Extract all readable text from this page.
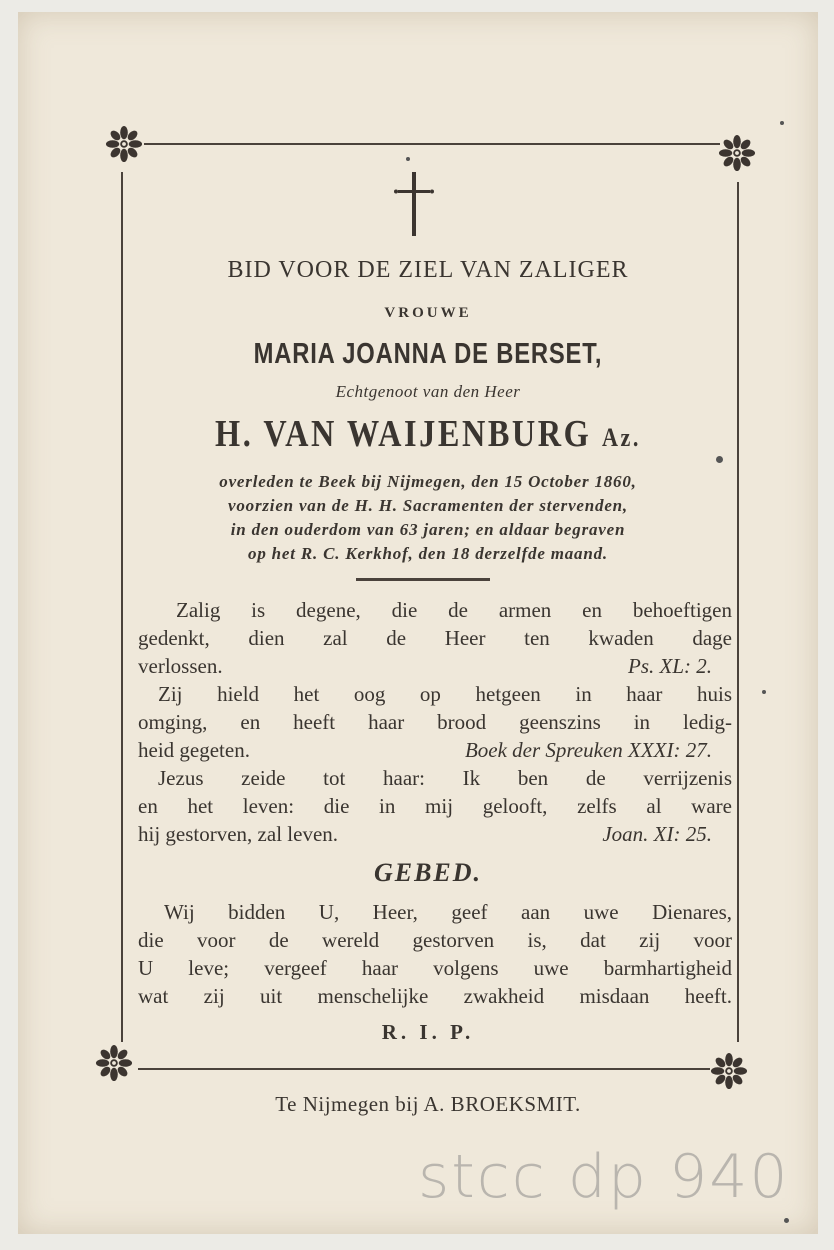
BID VOOR DE ZIEL VAN ZALIGER
VROUWE
MARIA JOANNA DE BERSET,
Echtgenoot van den Heer
H. VAN WAIJENBURG Az.
overleden te Beek bij Nijmegen, den 15 October 1860,
voorzien van de H. H. Sacramenten der stervenden,
in den ouderdom van 63 jaren; en aldaar begraven
op het R. C. Kerkhof, den 18 derzelfde maand.
Zalig is degene, die de armen en behoeftigen
gedenkt, dien zal de Heer ten kwaden dage
verlossen.	Ps. XL: 2.
Zij hield het oog op hetgeen in haar huis
omging, en heeft haar brood geenszins in ledig-
heid gegeten.	Boek der Spreuken XXXI: 27.
Jezus zeide tot haar: Ik ben de verrijzenis
en het leven: die in mij gelooft, zelfs al ware
hij gestorven, zal leven.	Joan. XI: 25.
GEBED.
Wij bidden U, Heer, geef aan uwe Dienares,
die voor de wereld gestorven is, dat zij voor
U leve; vergeef haar volgens uwe barmhartigheid
wat zij uit menschelijke zwakheid misdaan heeft.
R. I. P.
Te Nijmegen bij A. BROEKSMIT.
stcc dp 940
